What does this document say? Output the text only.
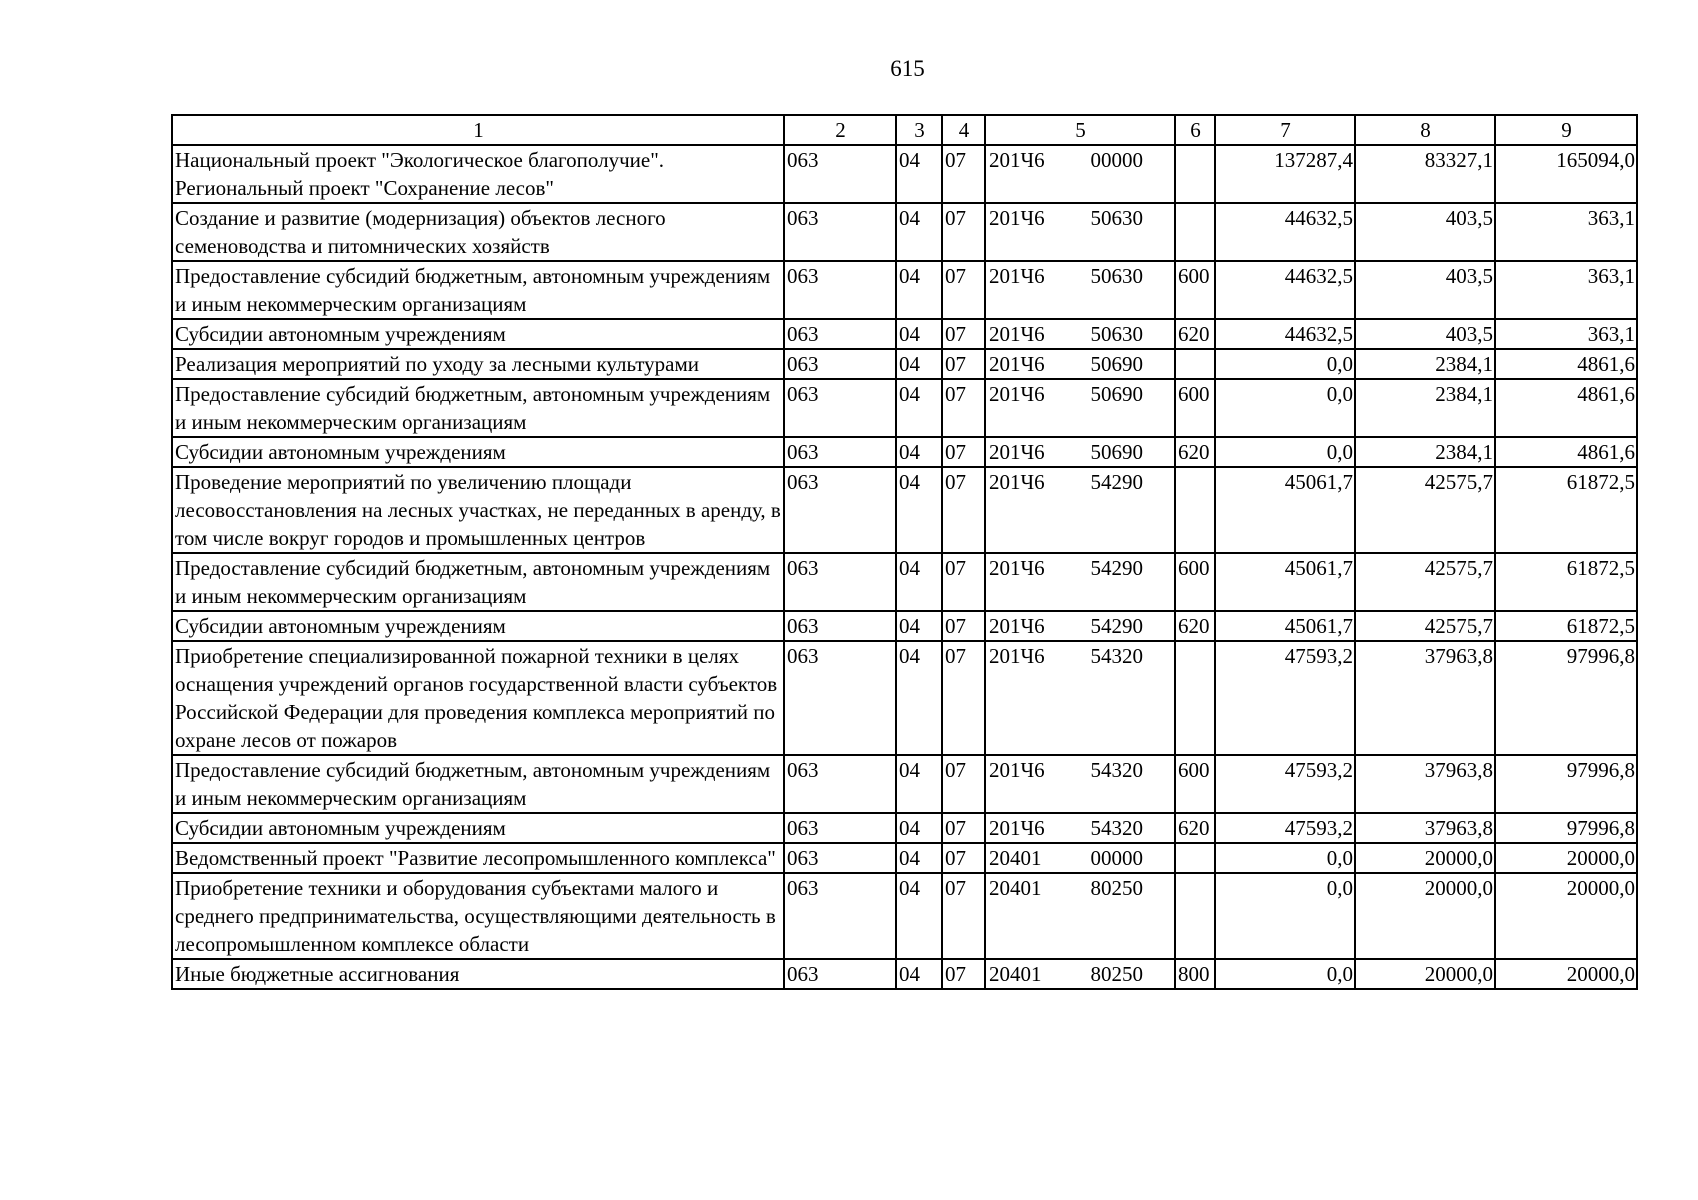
615
1	2	3	4	5	6	7	8	9
Национальный проект "Экологическое благополучие". Региональный проект "Сохранение лесов"	063	04	07	201Ч6 00000		137287,4	83327,1	165094,0
Создание и развитие (модернизация) объектов лесного семеноводства и питомнических хозяйств	063	04	07	201Ч6 50630		44632,5	403,5	363,1
Предоставление субсидий бюджетным, автономным учреждениям и иным некоммерческим организациям	063	04	07	201Ч6 50630	600	44632,5	403,5	363,1
Субсидии автономным учреждениям	063	04	07	201Ч6 50630	620	44632,5	403,5	363,1
Реализация мероприятий по уходу за лесными культурами	063	04	07	201Ч6 50690		0,0	2384,1	4861,6
Предоставление субсидий бюджетным, автономным учреждениям и иным некоммерческим организациям	063	04	07	201Ч6 50690	600	0,0	2384,1	4861,6
Субсидии автономным учреждениям	063	04	07	201Ч6 50690	620	0,0	2384,1	4861,6
Проведение мероприятий по увеличению площади лесовосстановления на лесных участках, не переданных в аренду, в том числе вокруг городов и промышленных центров	063	04	07	201Ч6 54290		45061,7	42575,7	61872,5
Предоставление субсидий бюджетным, автономным учреждениям и иным некоммерческим организациям	063	04	07	201Ч6 54290	600	45061,7	42575,7	61872,5
Субсидии автономным учреждениям	063	04	07	201Ч6 54290	620	45061,7	42575,7	61872,5
Приобретение специализированной пожарной техники в целях оснащения учреждений органов государственной власти субъектов Российской Федерации для проведения комплекса мероприятий по охране лесов от пожаров	063	04	07	201Ч6 54320		47593,2	37963,8	97996,8
Предоставление субсидий бюджетным, автономным учреждениям и иным некоммерческим организациям	063	04	07	201Ч6 54320	600	47593,2	37963,8	97996,8
Субсидии автономным учреждениям	063	04	07	201Ч6 54320	620	47593,2	37963,8	97996,8
Ведомственный проект "Развитие лесопромышленного комплекса"	063	04	07	20401 00000		0,0	20000,0	20000,0
Приобретение техники и оборудования субъектами малого и среднего предпринимательства, осуществляющими деятельность в лесопромышленном комплексе области	063	04	07	20401 80250		0,0	20000,0	20000,0
Иные бюджетные ассигнования	063	04	07	20401 80250	800	0,0	20000,0	20000,0
